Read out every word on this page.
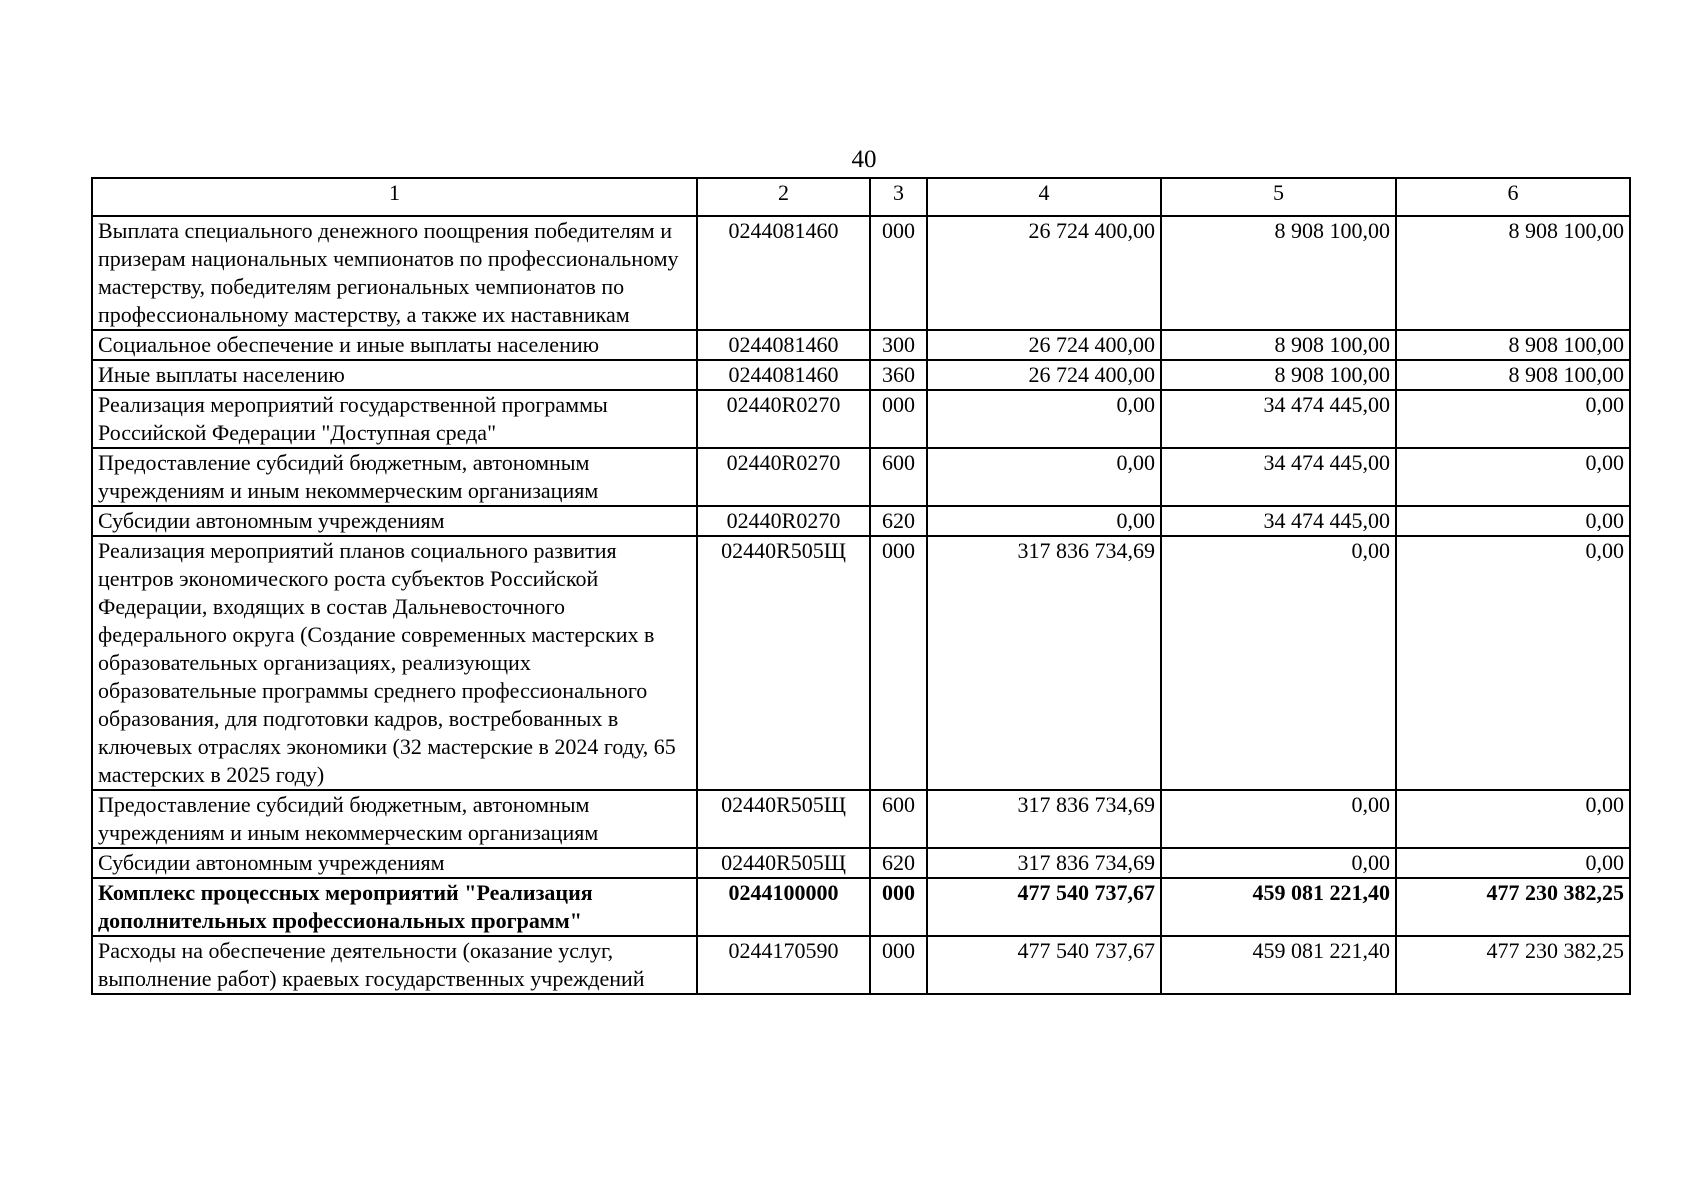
40
1	2	3	4	5	6
Выплата специального денежного поощрения победителям и призерам национальных чемпионатов по профессиональному мастерству, победителям региональных чемпионатов по профессиональному мастерству, а также их наставникам	0244081460	000	26 724 400,00	8 908 100,00	8 908 100,00
Социальное обеспечение и иные выплаты населению	0244081460	300	26 724 400,00	8 908 100,00	8 908 100,00
Иные выплаты населению	0244081460	360	26 724 400,00	8 908 100,00	8 908 100,00
Реализация мероприятий государственной программы Российской Федерации "Доступная среда"	02440R0270	000	0,00	34 474 445,00	0,00
Предоставление субсидий бюджетным, автономным учреждениям и иным некоммерческим организациям	02440R0270	600	0,00	34 474 445,00	0,00
Субсидии автономным учреждениям	02440R0270	620	0,00	34 474 445,00	0,00
Реализация мероприятий планов социального развития центров экономического роста субъектов Российской Федерации, входящих в состав Дальневосточного федерального округа (Создание современных мастерских в образовательных организациях, реализующих образовательные программы среднего профессионального образования, для подготовки кадров, востребованных в ключевых отраслях экономики (32 мастерские в 2024 году, 65 мастерских в 2025 году)	02440R505Щ	000	317 836 734,69	0,00	0,00
Предоставление субсидий бюджетным, автономным учреждениям и иным некоммерческим организациям	02440R505Щ	600	317 836 734,69	0,00	0,00
Субсидии автономным учреждениям	02440R505Щ	620	317 836 734,69	0,00	0,00
Комплекс процессных мероприятий "Реализация дополнительных профессиональных программ"	0244100000	000	477 540 737,67	459 081 221,40	477 230 382,25
Расходы на обеспечение деятельности (оказание услуг, выполнение работ) краевых государственных учреждений	0244170590	000	477 540 737,67	459 081 221,40	477 230 382,25
